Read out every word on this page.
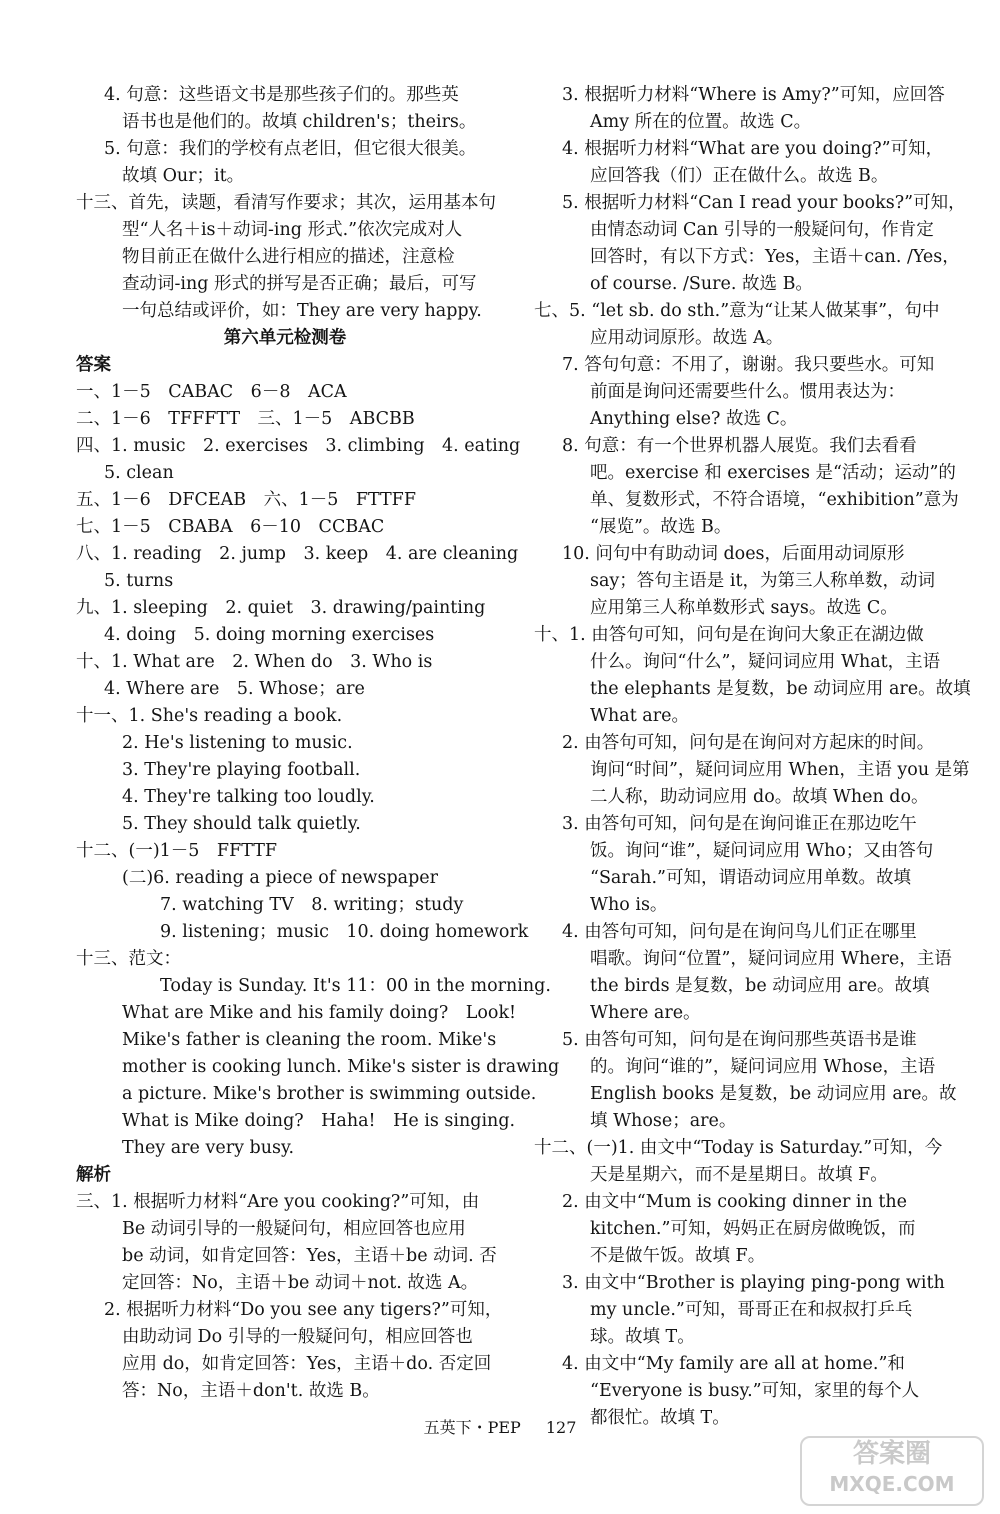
4. 句意：这些语文书是那些孩子们的。那些英
语书也是他们的。故填 children's；theirs。
5. 句意：我们的学校有点老旧，但它很大很美。
故填 Our；it。
十三、首先，读题，看清写作要求；其次，运用基本句
型“人名＋is＋动词-ing 形式.”依次完成对人
物目前正在做什么进行相应的描述，注意检
查动词-ing 形式的拼写是否正确；最后，可写
一句总结或评价，如：They are very happy.
第六单元检测卷
答案
一、1－5　CABAC　6－8　ACA
二、1－6　TFFFTT　三、1－5　ABCBB
四、1. music　2. exercises　3. climbing　4. eating
5. clean
五、1－6　DFCEAB　六、1－5　FTTFF
七、1－5　CBABA　6－10　CCBAC
八、1. reading　2. jump　3. keep　4. are cleaning
5. turns
九、1. sleeping　2. quiet　3. drawing/painting
4. doing　5. doing morning exercises
十、1. What are　2. When do　3. Who is
4. Where are　5. Whose；are
十一、1. She's reading a book.
2. He's listening to music.
3. They're playing football.
4. They're talking too loudly.
5. They should talk quietly.
十二、(一)1－5　FFTTF
(二)6. reading a piece of newspaper
7. watching TV　8. writing；study
9. listening；music　10. doing homework
十三、范文：
Today is Sunday. It's 11：00 in the morning.
What are Mike and his family doing?　Look!
Mike's father is cleaning the room. Mike's
mother is cooking lunch. Mike's sister is drawing
a picture. Mike's brother is swimming outside.
What is Mike doing?　Haha!　He is singing.
They are very busy.
解析
三、1. 根据听力材料“Are you cooking?”可知，由
Be 动词引导的一般疑问句，相应回答也应用
be 动词，如肯定回答：Yes，主语＋be 动词. 否
定回答：No，主语＋be 动词＋not. 故选 A。
2. 根据听力材料“Do you see any tigers?”可知，
由助动词 Do 引导的一般疑问句，相应回答也
应用 do，如肯定回答：Yes，主语＋do. 否定回
答：No，主语＋don't. 故选 B。
3. 根据听力材料“Where is Amy?”可知，应回答
Amy 所在的位置。故选 C。
4. 根据听力材料“What are you doing?”可知，
应回答我（们）正在做什么。故选 B。
5. 根据听力材料“Can I read your books?”可知，
由情态动词 Can 引导的一般疑问句，作肯定
回答时，有以下方式：Yes，主语＋can. /Yes，
of course. /Sure. 故选 B。
七、5. “let sb. do sth.”意为“让某人做某事”，句中
应用动词原形。故选 A。
7. 答句句意：不用了，谢谢。我只要些水。可知
前面是询问还需要些什么。惯用表达为：
Anything else? 故选 C。
8. 句意：有一个世界机器人展览。我们去看看
吧。exercise 和 exercises 是“活动；运动”的
单、复数形式，不符合语境，“exhibition”意为
“展览”。故选 B。
10. 问句中有助动词 does，后面用动词原形
say；答句主语是 it，为第三人称单数，动词
应用第三人称单数形式 says。故选 C。
十、1. 由答句可知，问句是在询问大象正在湖边做
什么。询问“什么”，疑问词应用 What，主语
the elephants 是复数，be 动词应用 are。故填
What are。
2. 由答句可知，问句是在询问对方起床的时间。
询问“时间”，疑问词应用 When，主语 you 是第
二人称，助动词应用 do。故填 When do。
3. 由答句可知，问句是在询问谁正在那边吃午
饭。询问“谁”，疑问词应用 Who；又由答句
“Sarah.”可知，谓语动词应用单数。故填
Who is。
4. 由答句可知，问句是在询问鸟儿们正在哪里
唱歌。询问“位置”，疑问词应用 Where，主语
the birds 是复数，be 动词应用 are。故填
Where are。
5. 由答句可知，问句是在询问那些英语书是谁
的。询问“谁的”，疑问词应用 Whose，主语
English books 是复数，be 动词应用 are。故
填 Whose；are。
十二、(一)1. 由文中“Today is Saturday.”可知，今
天是星期六，而不是星期日。故填 F。
2. 由文中“Mum is cooking dinner in the
kitchen.”可知，妈妈正在厨房做晚饭，而
不是做午饭。故填 F。
3. 由文中“Brother is playing ping-pong with
my uncle.”可知，哥哥正在和叔叔打乒乓
球。故填 T。
4. 由文中“My family are all at home.”和
“Everyone is busy.”可知，家里的每个人
都很忙。故填 T。
五英下・PEP 127
答案圈
MXQE.COM
